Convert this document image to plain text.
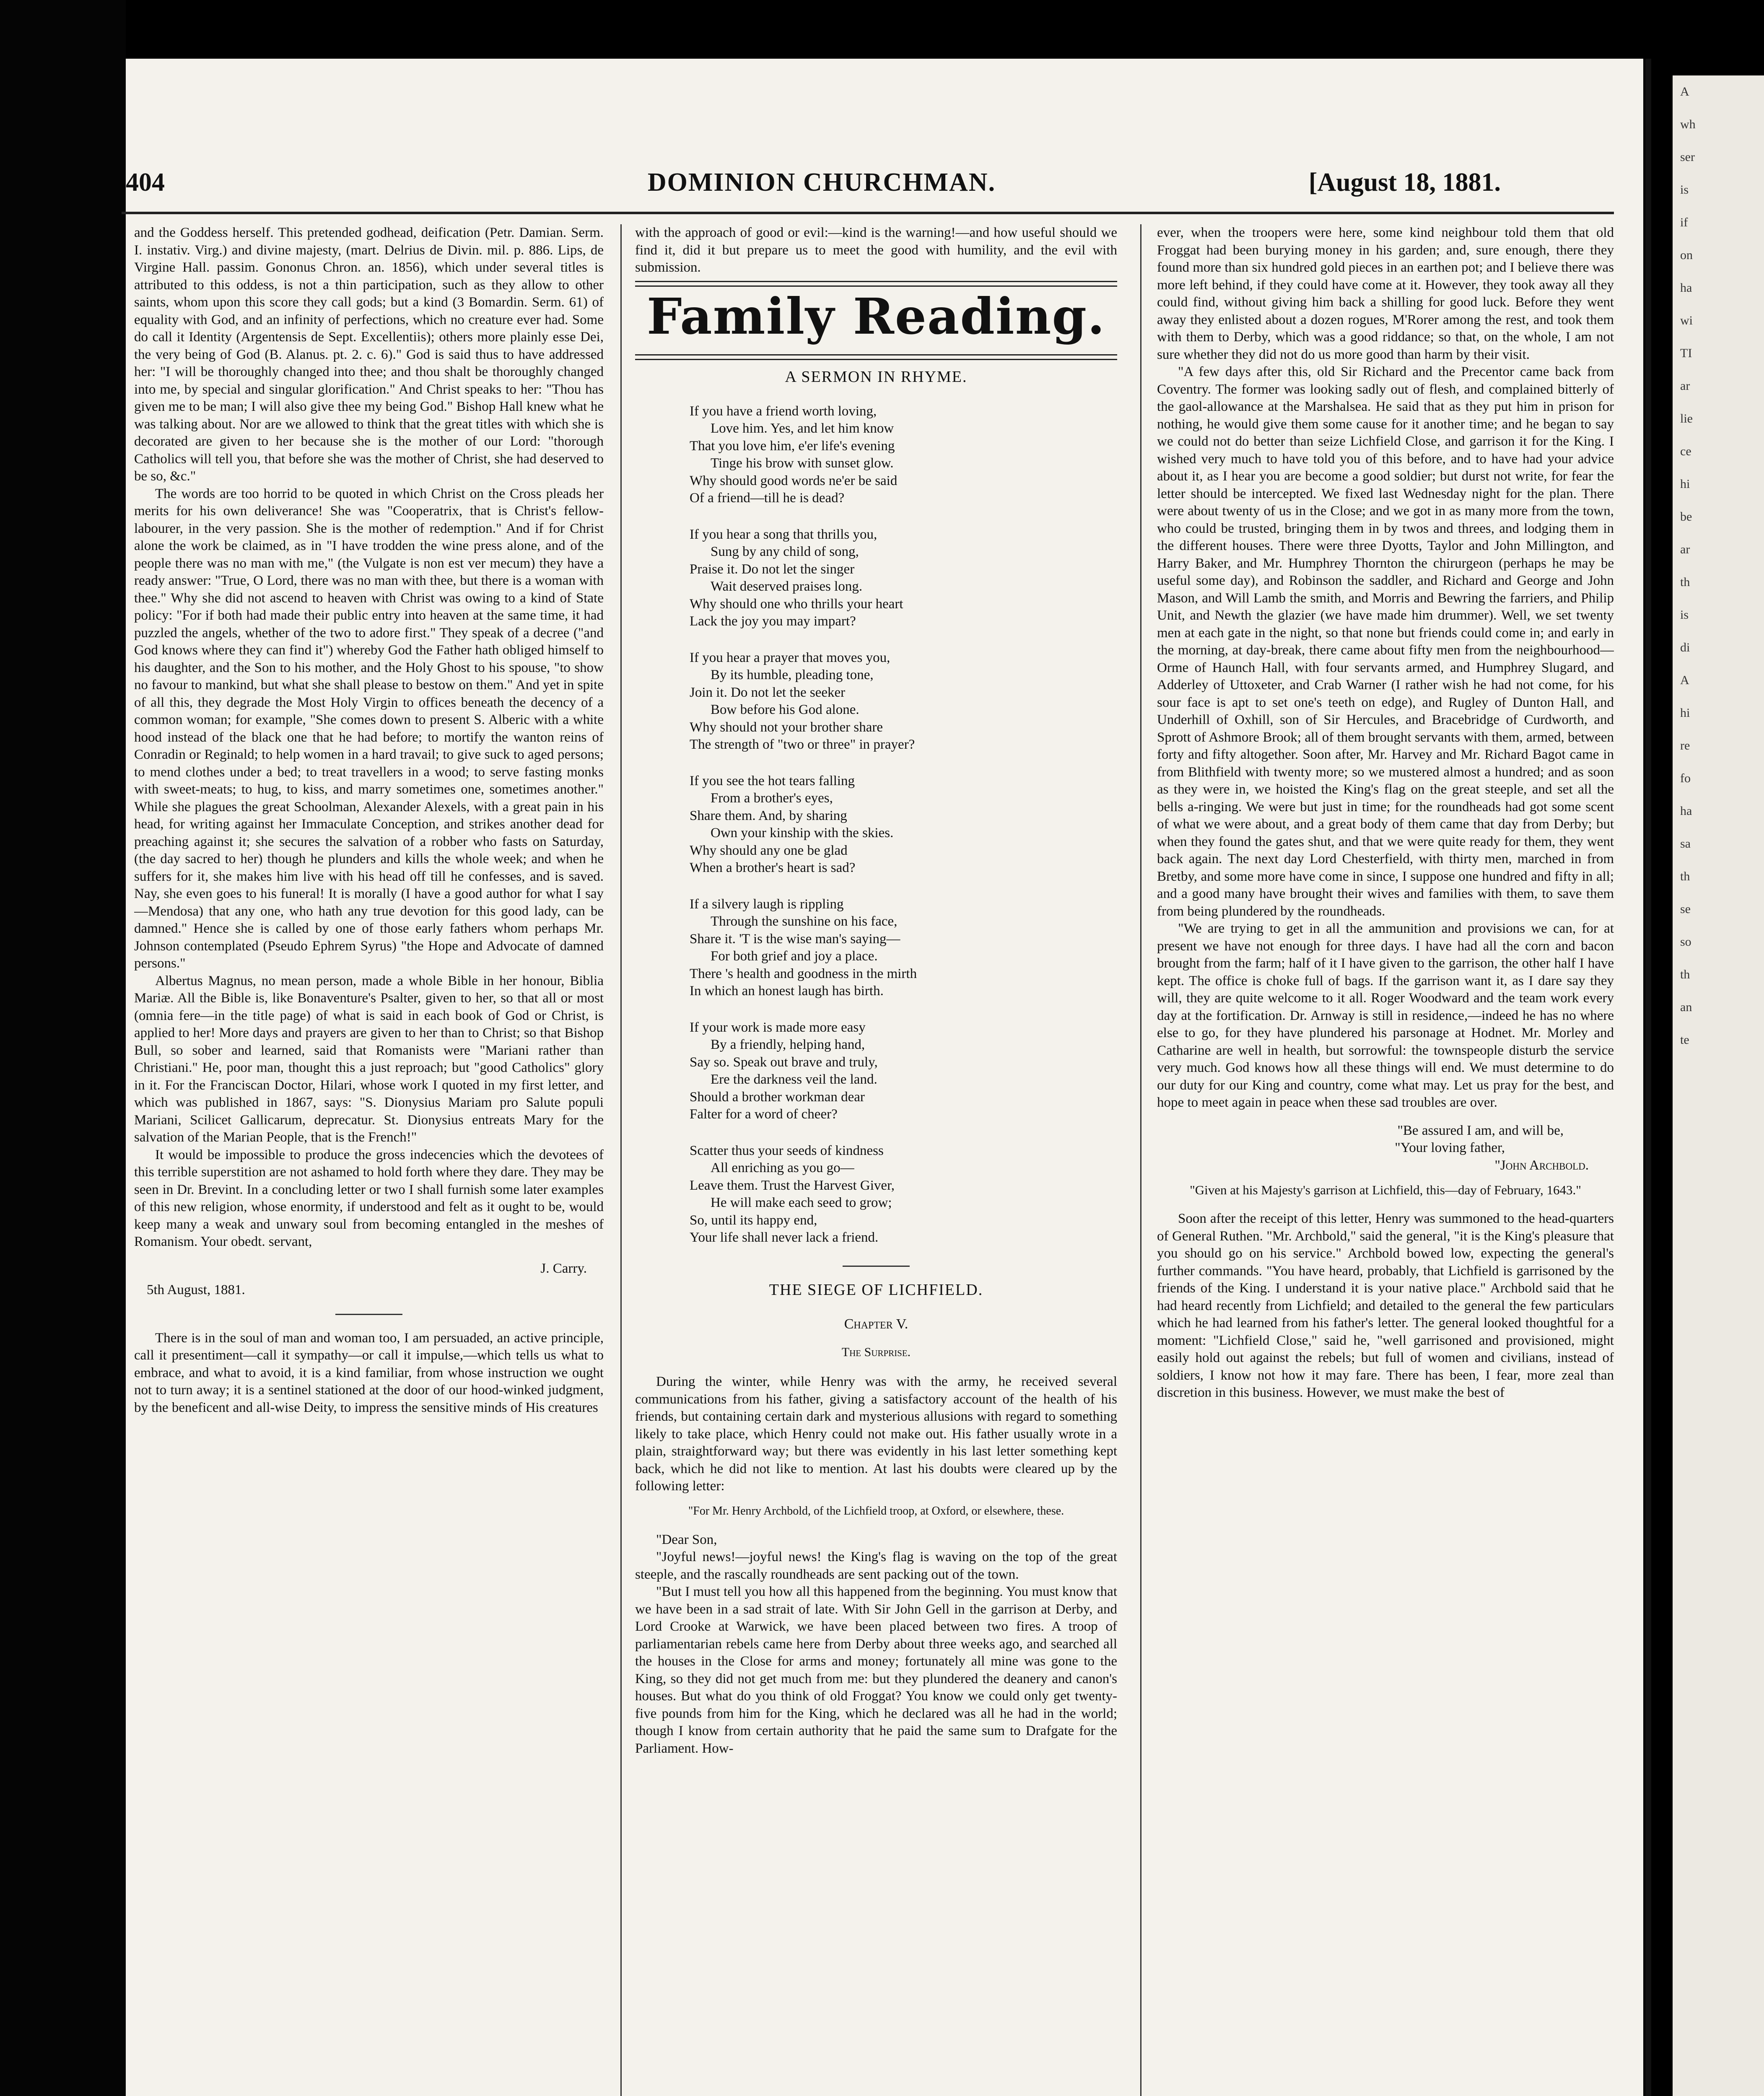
A
wh
ser
is
if
on
ha
wi
TI
ar
lie
ce
hi
be
ar
th
is
di
A
hi
re
fo
ha
sa
th
se
so
th
an
te
404	DOMINION CHURCHMAN.	[August 18, 1881.

and the Goddess herself. This pretended godhead, deification (Petr. Damian. Serm. I. instativ. Virg.) and divine majesty, (mart. Delrius de Divin. mil. p. 886. Lips, de Virgine Hall. passim. Gononus Chron. an. 1856), which under several titles is attributed to this oddess, is not a thin participation, such as they allow to other saints, whom upon this score they call gods; but a kind (3 Bomardin. Serm. 61) of equality with God, and an infinity of perfections, which no creature ever had. Some do call it Identity (Argentensis de Sept. Excellentiis); others more plainly esse Dei, the very being of God (B. Alanus. pt. 2. c. 6)." God is said thus to have addressed her: "I will be thoroughly changed into thee; and thou shalt be thoroughly changed into me, by special and singular glorification." And Christ speaks to her: "Thou has given me to be man; I will also give thee my being God." Bishop Hall knew what he was talking about. Nor are we allowed to think that the great titles with which she is decorated are given to her because she is the mother of our Lord: "thorough Catholics will tell you, that before she was the mother of Christ, she had deserved to be so, &c."

The words are too horrid to be quoted in which Christ on the Cross pleads her merits for his own deliverance! She was "Cooperatrix, that is Christ's fellow-labourer, in the very passion. She is the mother of redemption." And if for Christ alone the work be claimed, as in "I have trodden the wine press alone, and of the people there was no man with me," (the Vulgate is non est ver mecum) they have a ready answer: "True, O Lord, there was no man with thee, but there is a woman with thee." Why she did not ascend to heaven with Christ was owing to a kind of State policy: "For if both had made their public entry into heaven at the same time, it had puzzled the angels, whether of the two to adore first." They speak of a decree ("and God knows where they can find it") whereby God the Father hath obliged himself to his daughter, and the Son to his mother, and the Holy Ghost to his spouse, "to show no favour to mankind, but what she shall please to bestow on them." And yet in spite of all this, they degrade the Most Holy Virgin to offices beneath the decency of a common woman; for example, "She comes down to present S. Alberic with a white hood instead of the black one that he had before; to mortify the wanton reins of Conradin or Reginald; to help women in a hard travail; to give suck to aged persons; to mend clothes under a bed; to treat travellers in a wood; to serve fasting monks with sweet-meats; to hug, to kiss, and marry sometimes one, sometimes another." While she plagues the great Schoolman, Alexander Alexels, with a great pain in his head, for writing against her Immaculate Conception, and strikes another dead for preaching against it; she secures the salvation of a robber who fasts on Saturday, (the day sacred to her) though he plunders and kills the whole week; and when he suffers for it, she makes him live with his head off till he confesses, and is saved. Nay, she even goes to his funeral! It is morally (I have a good author for what I say—Mendosa) that any one, who hath any true devotion for this good lady, can be damned." Hence she is called by one of those early fathers whom perhaps Mr. Johnson contemplated (Pseudo Ephrem Syrus) "the Hope and Advocate of damned persons."

Albertus Magnus, no mean person, made a whole Bible in her honour, Biblia Mariæ. All the Bible is, like Bonaventure's Psalter, given to her, so that all or most (omnia fere—in the title page) of what is said in each book of God or Christ, is applied to her! More days and prayers are given to her than to Christ; so that Bishop Bull, so sober and learned, said that Romanists were "Mariani rather than Christiani." He, poor man, thought this a just reproach; but "good Catholics" glory in it. For the Franciscan Doctor, Hilari, whose work I quoted in my first letter, and which was published in 1867, says: "S. Dionysius Mariam pro Salute populi Mariani, Scilicet Gallicarum, deprecatur. St. Dionysius entreats Mary for the salvation of the Marian People, that is the French!"

It would be impossible to produce the gross indecencies which the devotees of this terrible superstition are not ashamed to hold forth where they dare. They may be seen in Dr. Brevint. In a concluding letter or two I shall furnish some later examples of this new religion, whose enormity, if understood and felt as it ought to be, would keep many a weak and unwary soul from becoming entangled in the meshes of Romanism. Your obedt. servant,

J. Carry.

5th August, 1881.

There is in the soul of man and woman too, I am persuaded, an active principle, call it presentiment—call it sympathy—or call it impulse,—which tells us what to embrace, and what to avoid, it is a kind familiar, from whose instruction we ought not to turn away; it is a sentinel stationed at the door of our hood-winked judgment, by the beneficent and all-wise Deity, to impress the sensitive minds of His creatures

with the approach of good or evil:—kind is the warning!—and how useful should we find it, did it but prepare us to meet the good with humility, and the evil with submission.

Family Reading.
A SERMON IN RHYME.
If you have a friend worth loving,
Love him. Yes, and let him know
That you love him, e'er life's evening
Tinge his brow with sunset glow.
Why should good words ne'er be said
Of a friend—till he is dead?
If you hear a song that thrills you,
Sung by any child of song,
Praise it. Do not let the singer
Wait deserved praises long.
Why should one who thrills your heart
Lack the joy you may impart?
If you hear a prayer that moves you,
By its humble, pleading tone,
Join it. Do not let the seeker
Bow before his God alone.
Why should not your brother share
The strength of "two or three" in prayer?
If you see the hot tears falling
From a brother's eyes,
Share them. And, by sharing
Own your kinship with the skies.
Why should any one be glad
When a brother's heart is sad?
If a silvery laugh is rippling
Through the sunshine on his face,
Share it. 'T is the wise man's saying—
For both grief and joy a place.
There 's health and goodness in the mirth
In which an honest laugh has birth.
If your work is made more easy
By a friendly, helping hand,
Say so. Speak out brave and truly,
Ere the darkness veil the land.
Should a brother workman dear
Falter for a word of cheer?
Scatter thus your seeds of kindness
All enriching as you go—
Leave them. Trust the Harvest Giver,
He will make each seed to grow;
So, until its happy end,
Your life shall never lack a friend.
THE SIEGE OF LICHFIELD.
Chapter V.
The Surprise.

During the winter, while Henry was with the army, he received several communications from his father, giving a satisfactory account of the health of his friends, but containing certain dark and mysterious allusions with regard to something likely to take place, which Henry could not make out. His father usually wrote in a plain, straightforward way; but there was evidently in his last letter something kept back, which he did not like to mention. At last his doubts were cleared up by the following letter:

"For Mr. Henry Archbold, of the Lichfield troop, at Oxford, or elsewhere, these.

"Dear Son,

"Joyful news!—joyful news! the King's flag is waving on the top of the great steeple, and the rascally roundheads are sent packing out of the town.

"But I must tell you how all this happened from the beginning. You must know that we have been in a sad strait of late. With Sir John Gell in the garrison at Derby, and Lord Crooke at Warwick, we have been placed between two fires. A troop of parliamentarian rebels came here from Derby about three weeks ago, and searched all the houses in the Close for arms and money; fortunately all mine was gone to the King, so they did not get much from me: but they plundered the deanery and canon's houses. But what do you think of old Froggat? You know we could only get twenty-five pounds from him for the King, which he declared was all he had in the world; though I know from certain authority that he paid the same sum to Drafgate for the Parliament. How-

ever, when the troopers were here, some kind neighbour told them that old Froggat had been burying money in his garden; and, sure enough, there they found more than six hundred gold pieces in an earthen pot; and I believe there was more left behind, if they could have come at it. However, they took away all they could find, without giving him back a shilling for good luck. Before they went away they enlisted about a dozen rogues, M'Rorer among the rest, and took them with them to Derby, which was a good riddance; so that, on the whole, I am not sure whether they did not do us more good than harm by their visit.

"A few days after this, old Sir Richard and the Precentor came back from Coventry. The former was looking sadly out of flesh, and complained bitterly of the gaol-allowance at the Marshalsea. He said that as they put him in prison for nothing, he would give them some cause for it another time; and he began to say we could not do better than seize Lichfield Close, and garrison it for the King. I wished very much to have told you of this before, and to have had your advice about it, as I hear you are become a good soldier; but durst not write, for fear the letter should be intercepted. We fixed last Wednesday night for the plan. There were about twenty of us in the Close; and we got in as many more from the town, who could be trusted, bringing them in by twos and threes, and lodging them in the different houses. There were three Dyotts, Taylor and John Millington, and Harry Baker, and Mr. Humphrey Thornton the chirurgeon (perhaps he may be useful some day), and Robinson the saddler, and Richard and George and John Mason, and Will Lamb the smith, and Morris and Bewring the farriers, and Philip Unit, and Newth the glazier (we have made him drummer). Well, we set twenty men at each gate in the night, so that none but friends could come in; and early in the morning, at day-break, there came about fifty men from the neighbourhood—Orme of Haunch Hall, with four servants armed, and Humphrey Slugard, and Adderley of Uttoxeter, and Crab Warner (I rather wish he had not come, for his sour face is apt to set one's teeth on edge), and Rugley of Dunton Hall, and Underhill of Oxhill, son of Sir Hercules, and Bracebridge of Curdworth, and Sprott of Ashmore Brook; all of them brought servants with them, armed, between forty and fifty altogether. Soon after, Mr. Harvey and Mr. Richard Bagot came in from Blithfield with twenty more; so we mustered almost a hundred; and as soon as they were in, we hoisted the King's flag on the great steeple, and set all the bells a-ringing. We were but just in time; for the roundheads had got some scent of what we were about, and a great body of them came that day from Derby; but when they found the gates shut, and that we were quite ready for them, they went back again. The next day Lord Chesterfield, with thirty men, marched in from Bretby, and some more have come in since, I suppose one hundred and fifty in all; and a good many have brought their wives and families with them, to save them from being plundered by the roundheads.

"We are trying to get in all the ammunition and provisions we can, for at present we have not enough for three days. I have had all the corn and bacon brought from the farm; half of it I have given to the garrison, the other half I have kept. The office is choke full of bags. If the garrison want it, as I dare say they will, they are quite welcome to it all. Roger Woodward and the team work every day at the fortification. Dr. Arnway is still in residence,—indeed he has no where else to go, for they have plundered his parsonage at Hodnet. Mr. Morley and Catharine are well in health, but sorrowful: the townspeople disturb the service very much. God knows how all these things will end. We must determine to do our duty for our King and country, come what may. Let us pray for the best, and hope to meet again in peace when these sad troubles are over.

"Be assured I am, and will be,
"Your loving father,
"John Archbold.
"Given at his Majesty's garrison at Lichfield, this—day of February, 1643."

Soon after the receipt of this letter, Henry was summoned to the head-quarters of General Ruthen. "Mr. Archbold," said the general, "it is the King's pleasure that you should go on his service." Archbold bowed low, expecting the general's further commands. "You have heard, probably, that Lichfield is garrisoned by the friends of the King. I understand it is your native place." Archbold said that he had heard recently from Lichfield; and detailed to the general the few particulars which he had learned from his father's letter. The general looked thoughtful for a moment: "Lichfield Close," said he, "well garrisoned and provisioned, might easily hold out against the rebels; but full of women and civilians, instead of soldiers, I know not how it may fare. There has been, I fear, more zeal than discretion in this business. However, we must make the best of
